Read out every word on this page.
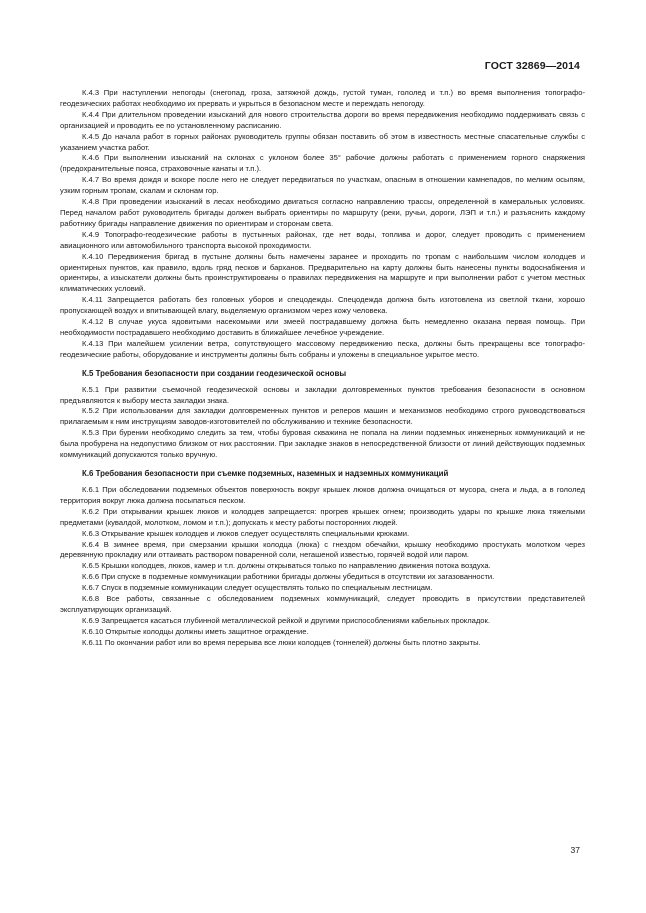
ГОСТ 32869—2014

К.4.3 При наступлении непогоды (снегопад, гроза, затяжной дождь, густой туман, гололед и т.п.) во время выполнения топографо-геодезических работах необходимо их прервать и укрыться в безопасном месте и переждать непогоду.

К.4.4 При длительном проведении изысканий для нового строительства дороги во время передвижения необходимо поддерживать связь с организацией и проводить ее по установленному расписанию.

К.4.5 До начала работ в горных районах руководитель группы обязан поставить об этом в известность местные спасательные службы с указанием участка работ.

К.4.6 При выполнении изысканий на склонах с уклоном более 35° рабочие должны работать с применением горного снаряжения (предохранительные пояса, страховочные канаты и т.п.).

К.4.7 Во время дождя и вскоре после него не следует передвигаться по участкам, опасным в отношении камнепадов, по мелким осыпям, узким горным тропам, скалам и склонам гор.

К.4.8 При проведении изысканий в лесах необходимо двигаться согласно направлению трассы, определенной в камеральных условиях. Перед началом работ руководитель бригады должен выбрать ориентиры по маршруту (реки, ручьи, дороги, ЛЭП и т.п.) и разъяснить каждому работнику бригады направление движения по ориентирам и сторонам света.

К.4.9 Топографо-геодезические работы в пустынных районах, где нет воды, топлива и дорог, следует проводить с применением авиационного или автомобильного транспорта высокой проходимости.

К.4.10 Передвижения бригад в пустыне должны быть намечены заранее и проходить по тропам с наибольшим числом колодцев и ориентирных пунктов, как правило, вдоль гряд песков и барханов. Предварительно на карту должны быть нанесены пункты водоснабжения и ориентиры, а изыскатели должны быть проинструктированы о правилах передвижения на маршруте и при выполнении работ с учетом местных климатических условий.

К.4.11 Запрещается работать без головных уборов и спецодежды. Спецодежда должна быть изготовлена из светлой ткани, хорошо пропускающей воздух и впитывающей влагу, выделяемую организмом через кожу человека.

К.4.12 В случае укуса ядовитыми насекомыми или змеей пострадавшему должна быть немедленно оказана первая помощь. При необходимости пострадавшего необходимо доставить в ближайшее лечебное учреждение.

К.4.13 При малейшем усилении ветра, сопутствующего массовому передвижению песка, должны быть прекращены все топографо-геодезические работы, оборудование и инструменты должны быть собраны и уложены в специальное укрытое место.

К.5 Требования безопасности при создании геодезической основы

К.5.1 При развитии съемочной геодезической основы и закладки долговременных пунктов требования безопасности в основном предъявляются к выбору места закладки знака.

К.5.2 При использовании для закладки долговременных пунктов и реперов машин и механизмов необходимо строго руководствоваться прилагаемым к ним инструкциям заводов-изготовителей по обслуживанию и технике безопасности.

К.5.3 При бурении необходимо следить за тем, чтобы буровая скважина не попала на линии подземных инженерных коммуникаций и не была пробурена на недопустимо близком от них расстоянии. При закладке знаков в непосредственной близости от линий действующих подземных коммуникаций допускаются только вручную.

К.6 Требования безопасности при съемке подземных, наземных и надземных коммуникаций

К.6.1 При обследовании подземных объектов поверхность вокруг крышек люков должна очищаться от мусора, снега и льда, а в гололед территория вокруг люка должна посыпаться песком.

К.6.2 При открывании крышек люков и колодцев запрещается: прогрев крышек огнем; производить удары по крышке люка тяжелыми предметами (кувалдой, молотком, ломом и т.п.); допускать к месту работы посторонних людей.

К.6.3 Открывание крышек колодцев и люков следует осуществлять специальными крюками.

К.6.4 В зимнее время, при смерзании крышки колодца (люка) с гнездом обечайки, крышку необходимо простукать молотком через деревянную прокладку или оттаивать раствором поваренной соли, негашеной известью, горячей водой или паром.

К.6.5 Крышки колодцев, люков, камер и т.п. должны открываться только по направлению движения потока воздуха.

К.6.6 При спуске в подземные коммуникации работники бригады должны убедиться в отсутствии их загазованности.

К.6.7 Спуск в подземные коммуникации следует осуществлять только по специальным лестницам.

К.6.8 Все работы, связанные с обследованием подземных коммуникаций, следует проводить в присутствии представителей эксплуатирующих организаций.

К.6.9 Запрещается касаться глубинной металлической рейкой и другими приспособлениями кабельных прокладок.

К.6.10 Открытые колодцы должны иметь защитное ограждение.

К.6.11 По окончании работ или во время перерыва все люки колодцев (тоннелей) должны быть плотно закрыты.

37
